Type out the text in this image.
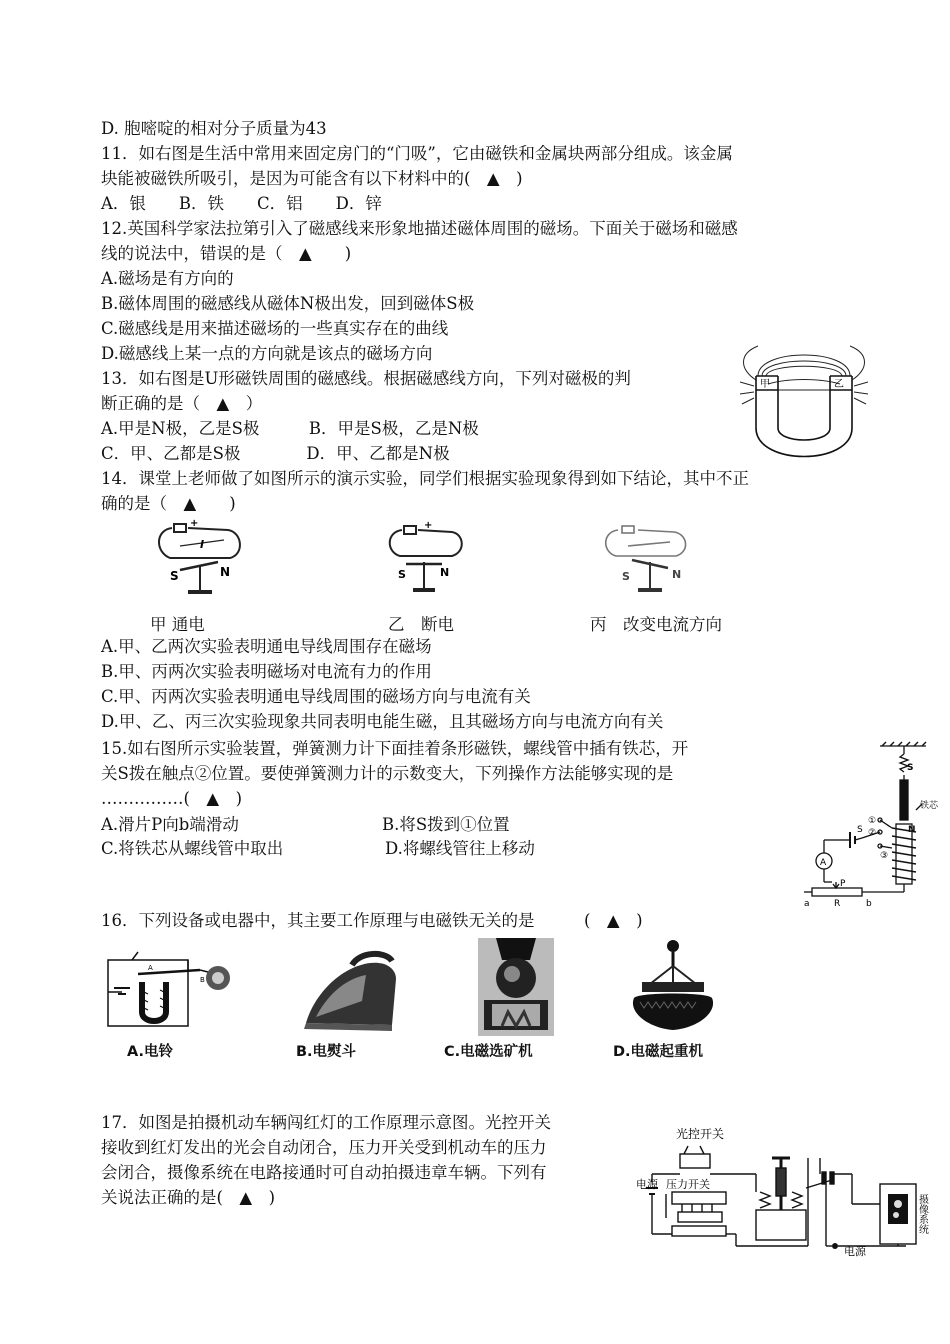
D. 胞嘧啶的相对分子质量为43
11．如右图是生活中常用来固定房门的“门吸”，它由磁铁和金属块两部分组成。该金属
块能被磁铁所吸引，是因为可能含有以下材料中的(　▲　)
A．银　　B．铁　　C．铝　　D．锌
12.英国科学家法拉第引入了磁感线来形象地描述磁体周围的磁场。下面关于磁场和磁感
线的说法中，错误的是（　▲　　)
A.磁场是有方向的
B.磁体周围的磁感线从磁体N极出发，回到磁体S极
C.磁感线是用来描述磁场的一些真实存在的曲线
D.磁感线上某一点的方向就是该点的磁场方向
13．如右图是U形磁铁周围的磁感线。根据磁感线方向，下列对磁极的判
断正确的是（　▲　）
A.甲是N极，乙是S极　　　B．甲是S极，乙是N极
C．甲、乙都是S极　　　　D．甲、乙都是N极
14．课堂上老师做了如图所示的演示实验，同学们根据实验现象得到如下结论，其中不正
确的是（　▲　　)
甲	乙
+
I
S	N
+
S	N	S	N
甲 通电	乙　断电	丙　改变电流方向
A.甲、乙两次实验表明通电导线周围存在磁场
B.甲、丙两次实验表明磁场对电流有力的作用
C.甲、丙两次实验表明通电导线周围的磁场方向与电流有关
D.甲、乙、丙三次实验现象共同表明电能生磁，且其磁场方向与电流方向有关
15.如右图所示实验装置，弹簧测力计下面挂着条形磁铁，螺线管中插有铁芯，开
关S拨在触点②位置。要使弹簧测力计的示数变大，下列操作方法能够实现的是
……………(　▲　)
A.滑片P向b端滑动	B.将S拨到①位置
C.将铁芯从螺线管中取出	D.将螺线管往上移动
S
N
铁芯
①
②
③
S
A
P
a	R	b
16．下列设备或电器中，其主要工作原理与电磁铁无关的是　　　(　▲　)
A
B
A.电铃	B.电熨斗	C.电磁选矿机	D.电磁起重机
17．如图是拍摄机动车辆闯红灯的工作原理示意图。光控开关
接收到红灯发出的光会自动闭合，压力开关受到机动车的压力
会闭合，摄像系统在电路接通时可自动拍摄违章车辆。下列有
关说法正确的是(　▲　)
光控开关
电源 压力开关
电源
摄像系统
